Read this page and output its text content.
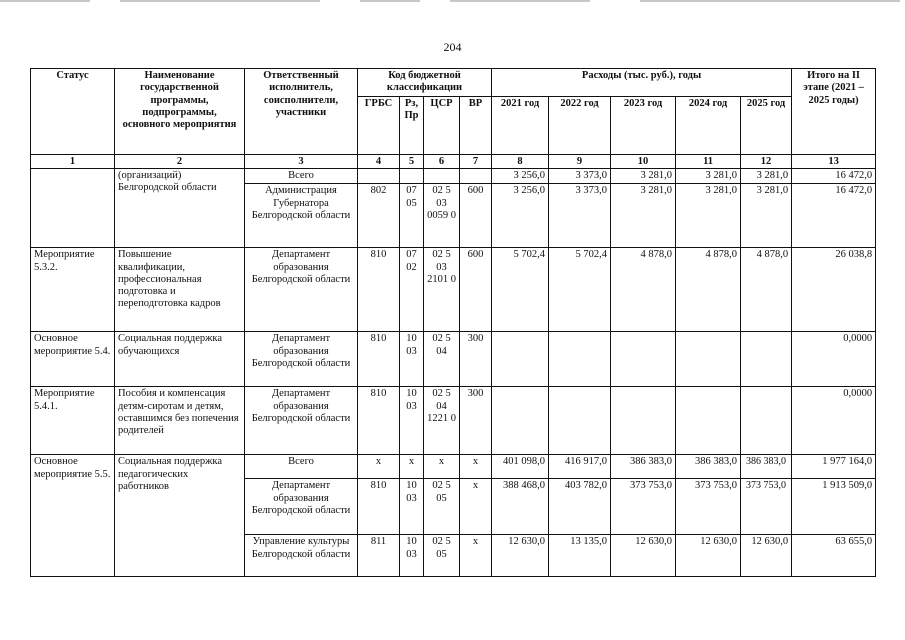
204
Статус	Наименование государственной программы, подпрограммы, основного мероприятия	Ответственный исполнитель, соисполнители, участники	Код бюджетной классификации				Расходы (тыс. руб.), годы					Итого на II этапе (2021 – 2025 годы)
			ГРБС	Рз, Пр	ЦСР	ВР	2021 год	2022 год	2023 год	2024 год	2025 год	
1	2	3	4	5	6	7	8	9	10	11	12	13
	(организаций) Белгородской области	Всего					3 256,0	3 373,0	3 281,0	3 281,0	3 281,0	16 472,0
		Администрация Губернатора Белгородской области	802	07 05	02 5 03 0059 0	600	3 256,0	3 373,0	3 281,0	3 281,0	3 281,0	16 472,0
Мероприятие 5.3.2.	Повышение квалификации, профессиональная подготовка и переподготовка кадров	Департамент образования Белгородской области	810	07 02	02 5 03 2101 0	600	5 702,4	5 702,4	4 878,0	4 878,0	4 878,0	26 038,8
Основное мероприятие 5.4.	Социальная поддержка обучающихся	Департамент образования Белгородской области	810	10 03	02 5 04	300						0,0000
Мероприятие 5.4.1.	Пособия и компенсация детям-сиротам и детям, оставшимся без попечения родителей	Департамент образования Белгородской области	810	10 03	02 5 04 1221 0	300						0,0000
Основное мероприятие 5.5.	Социальная поддержка педагогических работников	Всего	х	х	х	х	401 098,0	416 917,0	386 383,0	386 383,0	386 383,0	1 977 164,0
		Департамент образования Белгородской области	810	10 03	02 5 05	х	388 468,0	403 782,0	373 753,0	373 753,0	373 753,0	1 913 509,0
		Управление культуры Белгородской области	811	10 03	02 5 05	х	12 630,0	13 135,0	12 630,0	12 630,0	12 630,0	63 655,0
